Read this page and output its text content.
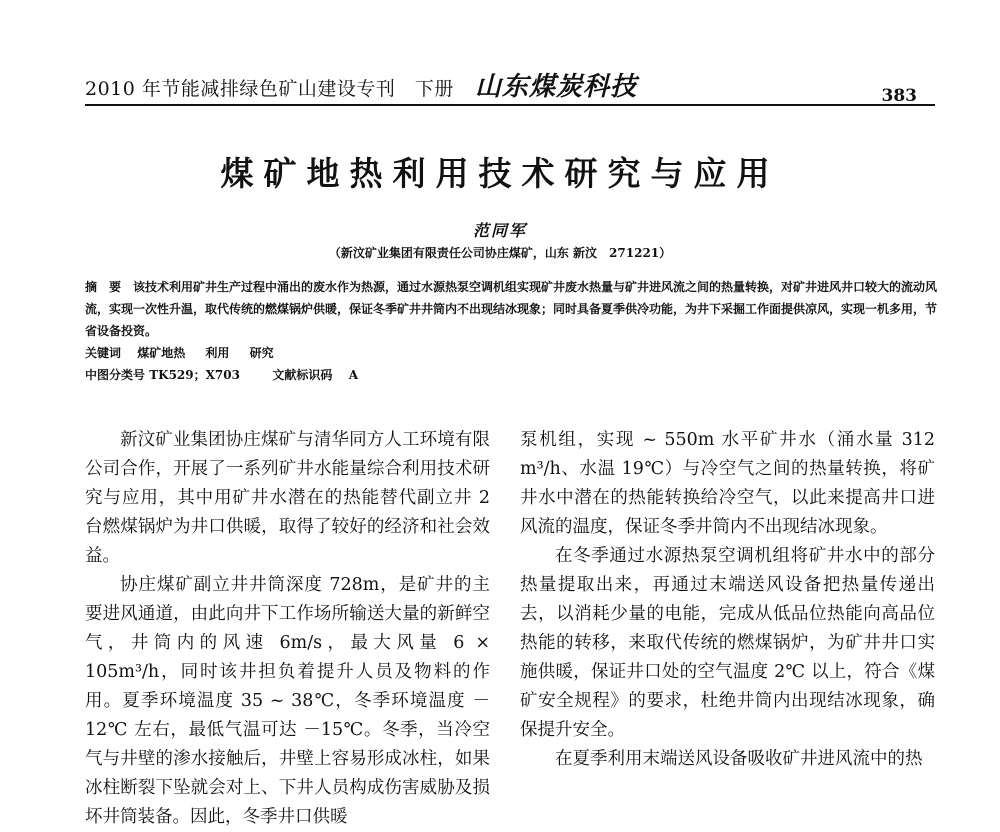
2010 年节能减排绿色矿山建设专刊　下册 山东煤炭科技	383
煤矿地热利用技术研究与应用
范同军
（新汶矿业集团有限责任公司协庄煤矿，山东 新汶　271221）
摘　要 该技术利用矿井生产过程中涌出的废水作为热源，通过水源热泵空调机组实现矿井废水热量与矿井进风流之间的热量转换，对矿井进风井口较大的流动风流，实现一次性升温，取代传统的燃煤锅炉供暖，保证冬季矿井井筒内不出现结冰现象；同时具备夏季供冷功能，为井下采掘工作面提供凉风，实现一机多用，节省设备投资。
关键词 煤矿地热 利用 研究
中图分类号 TK529；X703	文献标识码 A

新汶矿业集团协庄煤矿与清华同方人工环境有限公司合作，开展了一系列矿井水能量综合利用技术研究与应用，其中用矿井水潜在的热能替代副立井 2 台燃煤锅炉为井口供暖，取得了较好的经济和社会效益。

协庄煤矿副立井井筒深度 728m，是矿井的主要进风通道，由此向井下工作场所输送大量的新鲜空气，井筒内的风速 6m/s，最大风量 6 × 105m³/h，同时该井担负着提升人员及物料的作用。夏季环境温度 35 ~ 38℃，冬季环境温度 － 12℃ 左右，最低气温可达 －15℃。冬季，当冷空气与井壁的渗水接触后，井壁上容易形成冰柱，如果冰柱断裂下坠就会对上、下井人员构成伤害威胁及损坏井筒装备。因此，冬季井口供暖

泵机组，实现 ~ 550m 水平矿井水（涌水量 312 m³/h、水温 19℃）与冷空气之间的热量转换，将矿井水中潜在的热能转换给冷空气，以此来提高井口进风流的温度，保证冬季井筒内不出现结冰现象。

在冬季通过水源热泵空调机组将矿井水中的部分热量提取出来，再通过末端送风设备把热量传递出去，以消耗少量的电能，完成从低品位热能向高品位热能的转移，来取代传统的燃煤锅炉，为矿井井口实施供暖，保证井口处的空气温度 2℃ 以上，符合《煤矿安全规程》的要求，杜绝井筒内出现结冰现象，确保提升安全。

在夏季利用末端送风设备吸收矿井进风流中的热
